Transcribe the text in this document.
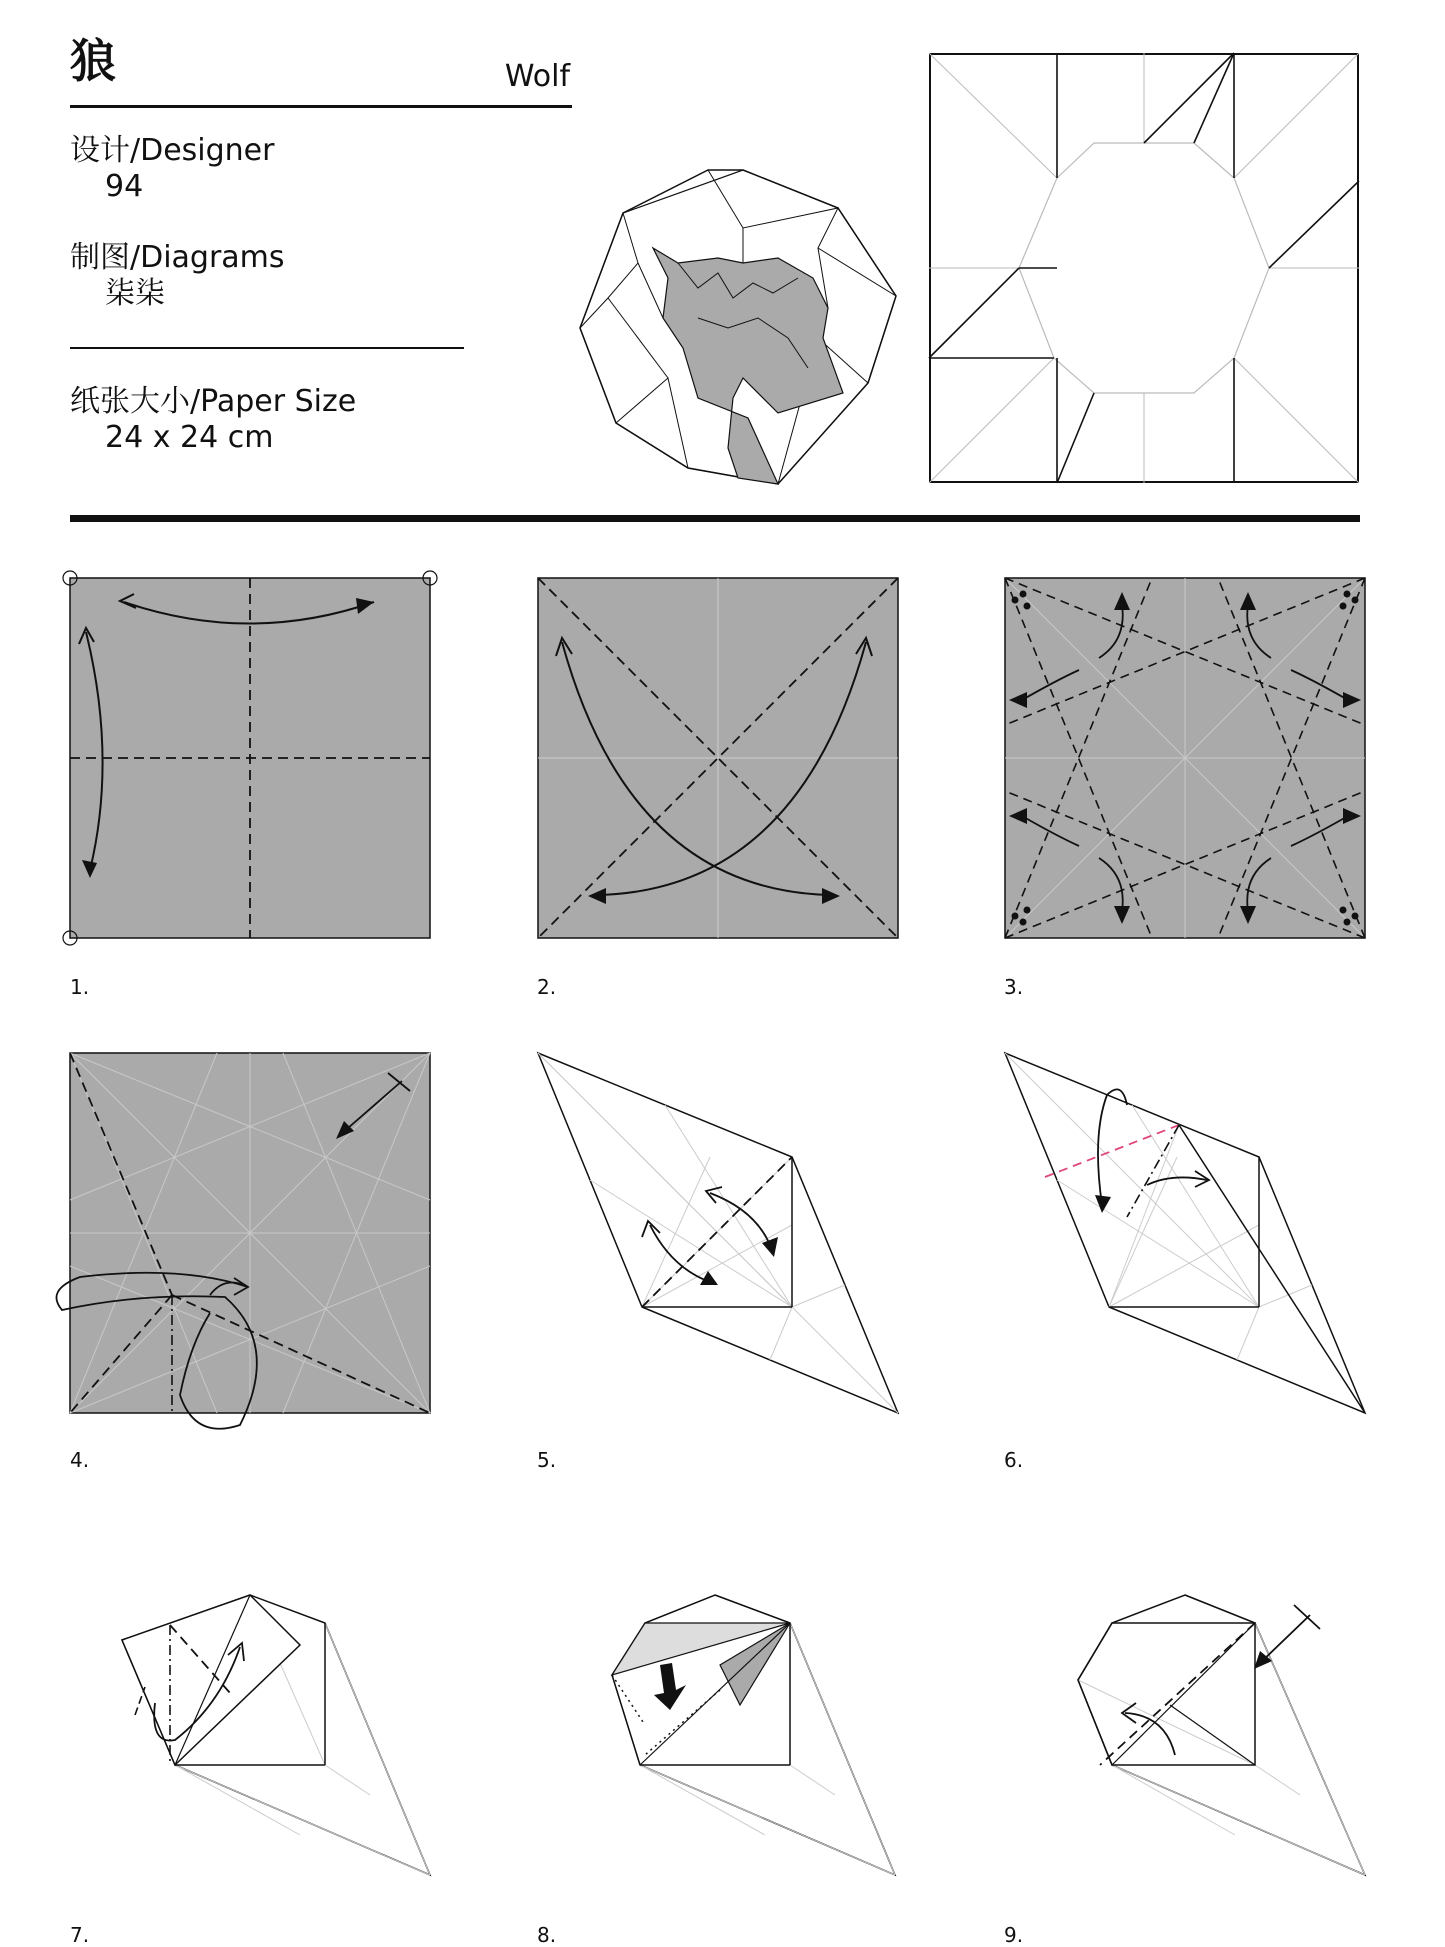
狼	Wolf
设计/Designer
94
制图/Diagrams
柒柒
纸张大小/Paper Size
24 x 24 cm
1.	2.	3.
4.	5.	6.
7.	8.	9.
